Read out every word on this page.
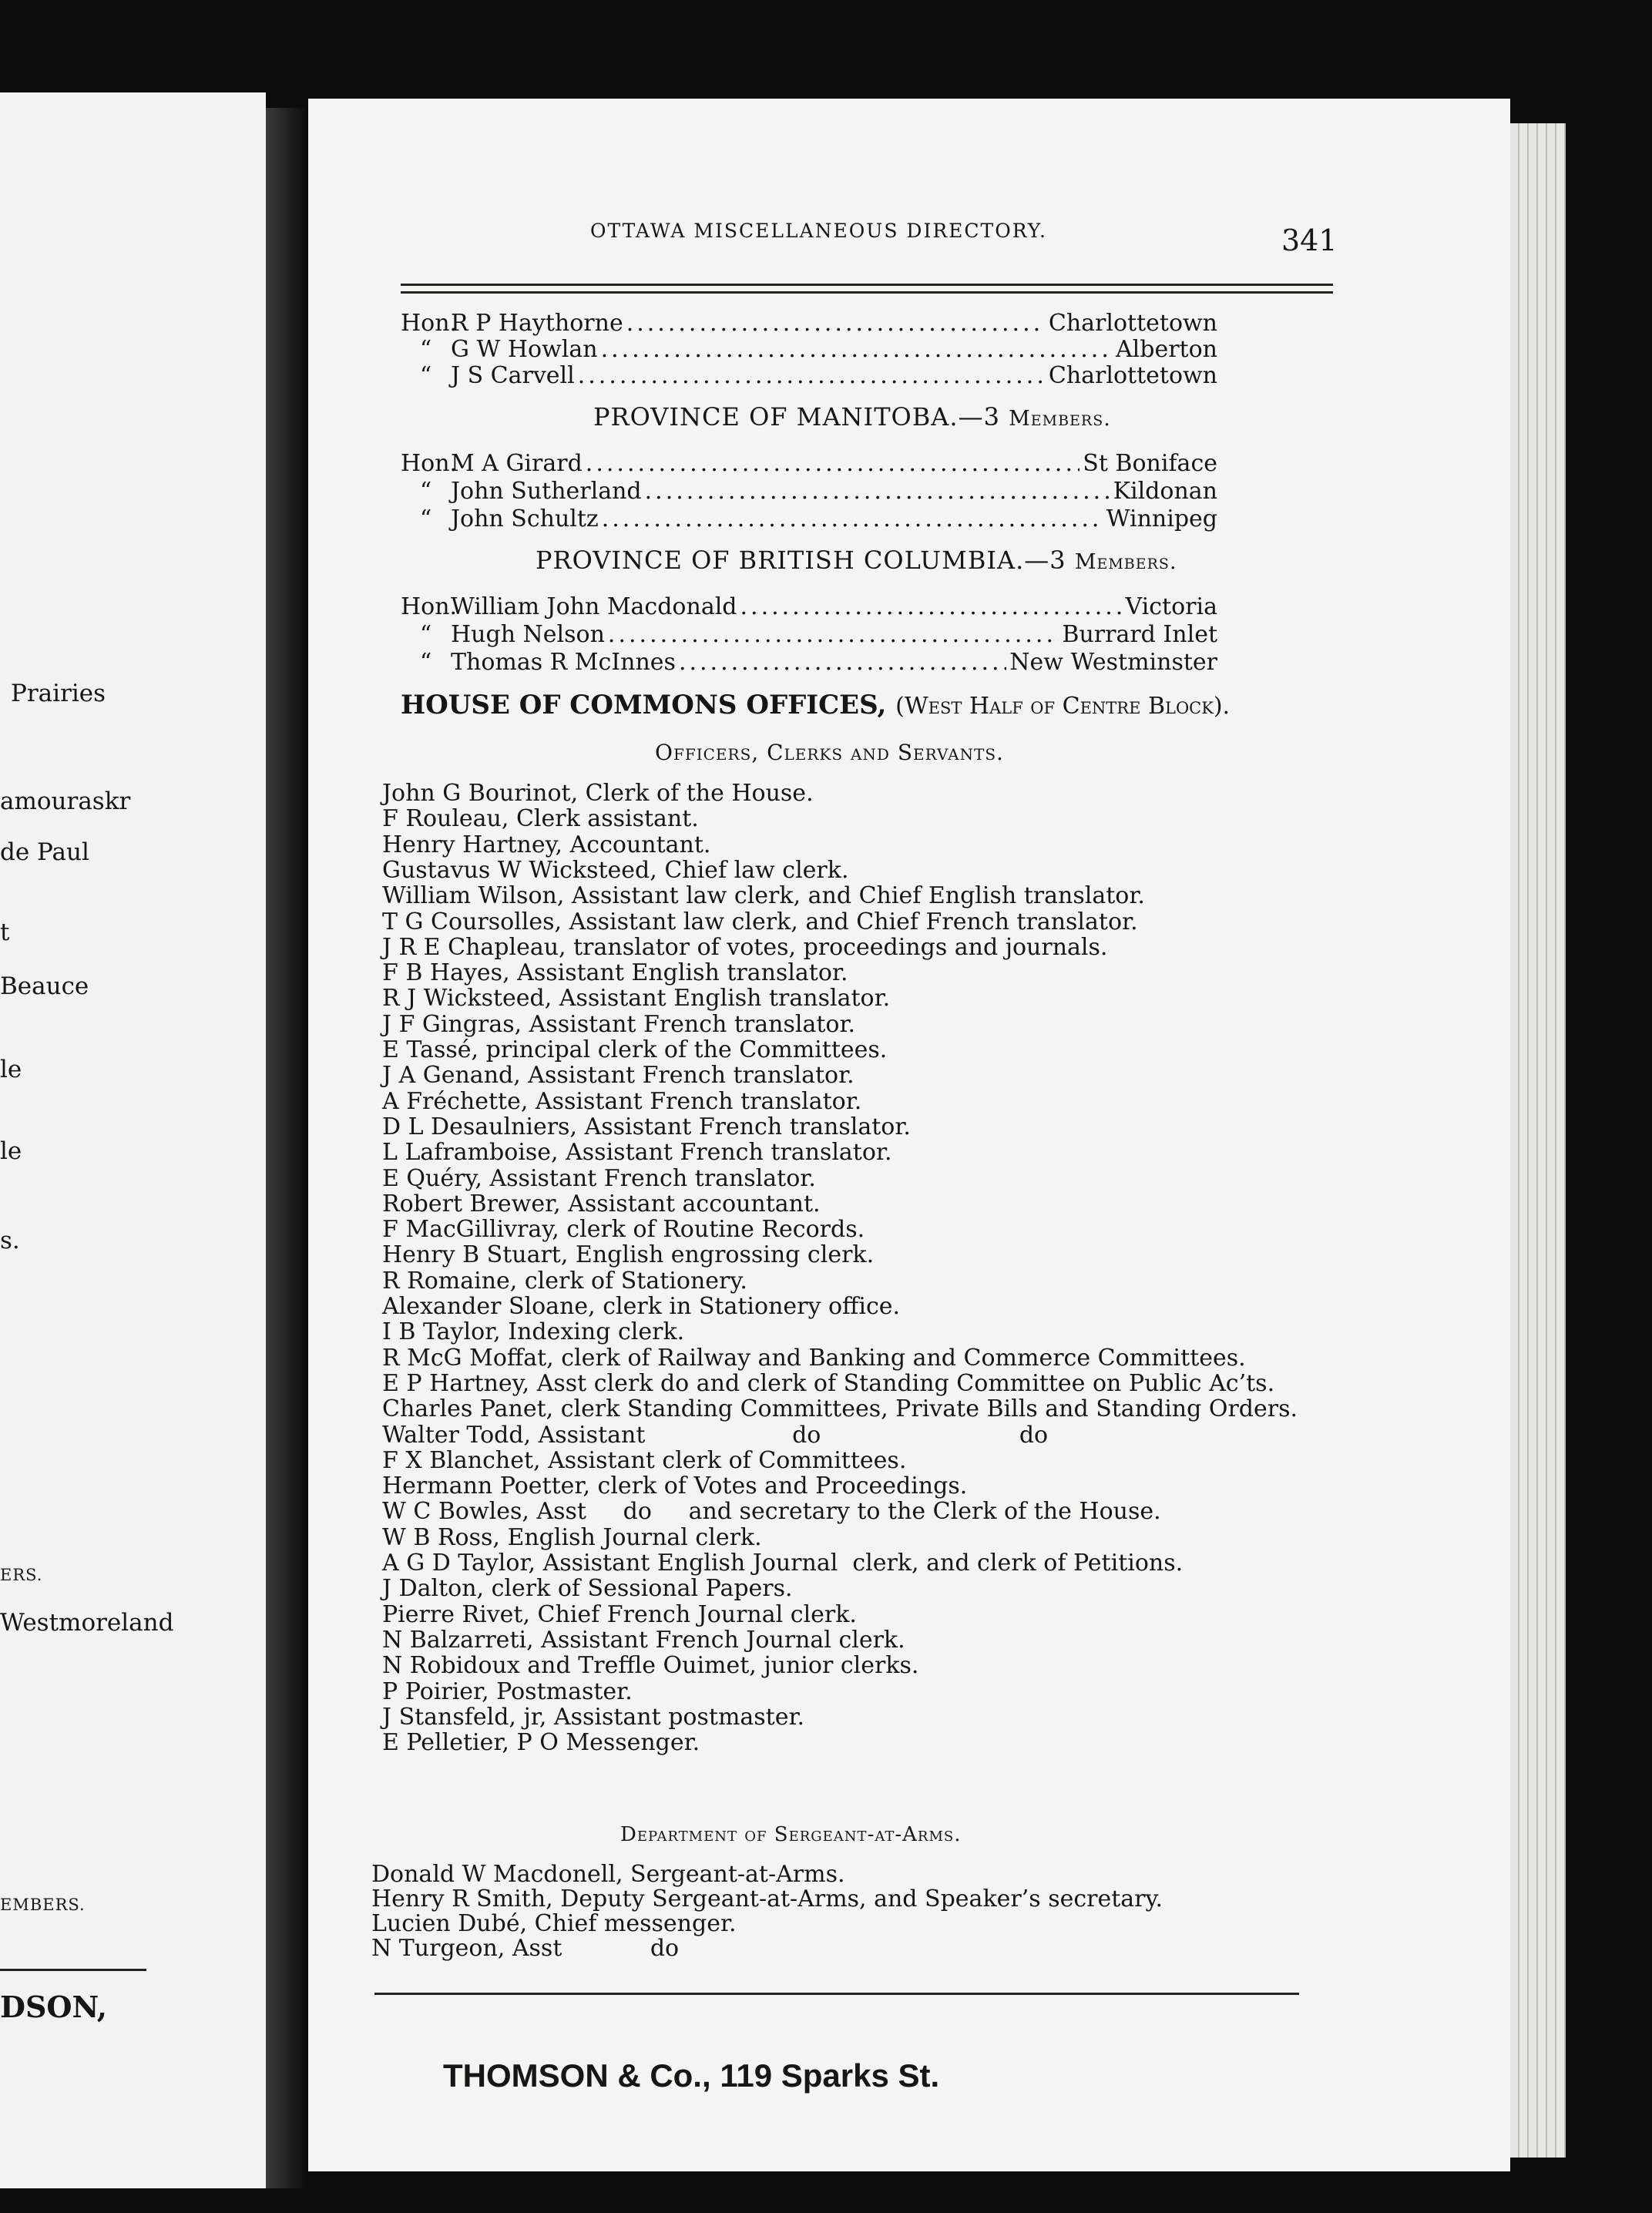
Prairies
amouraskr
de Paul
t
Beauce
le
le
s.
ERS.
Westmoreland
EMBERS.
DSON,
OTTAWA MISCELLANEOUS DIRECTORY.	341
Hon.
R P Haythorne .....	Charlottetown
“ G W Howlan .....	Alberton
“ J S Carvell .....	Charlottetown
PROVINCE OF MANITOBA.—3 Members.
Hon.
M A Girard .....	St Boniface
“ John Sutherland .....	Kildonan
“ John Schultz .....	Winnipeg
PROVINCE OF BRITISH COLUMBIA.—3 Members.
Hon.
William John Macdonald .....	Victoria
“ Hugh Nelson .....	Burrard Inlet
“ Thomas R McInnes .....	New Westminster
HOUSE OF COMMONS OFFICES, (West Half of Centre Block).
Officers, Clerks and Servants.
John G Bourinot, Clerk of the House.
F Rouleau, Clerk assistant.
Henry Hartney, Accountant.
Gustavus W Wicksteed, Chief law clerk.
William Wilson, Assistant law clerk, and Chief English translator.
T G Coursolles, Assistant law clerk, and Chief French translator.
J R E Chapleau, translator of votes, proceedings and journals.
F B Hayes, Assistant English translator.
R J Wicksteed, Assistant English translator.
J F Gingras, Assistant French translator.
E Tassé, principal clerk of the Committees.
J A Genand, Assistant French translator.
A Fréchette, Assistant French translator.
D L Desaulniers, Assistant French translator.
L Laframboise, Assistant French translator.
E Quéry, Assistant French translator.
Robert Brewer, Assistant accountant.
F MacGillivray, clerk of Routine Records.
Henry B Stuart, English engrossing clerk.
R Romaine, clerk of Stationery.
Alexander Sloane, clerk in Stationery office.
I B Taylor, Indexing clerk.
R McG Moffat, clerk of Railway and Banking and Commerce Committees.
E P Hartney, Asst clerk do and clerk of Standing Committee on Public Ac’ts.
Charles Panet, clerk Standing Committees, Private Bills and Standing Orders.
Walter Todd, Assistant                    do                           do
F X Blanchet, Assistant clerk of Committees.
Hermann Poetter, clerk of Votes and Proceedings.
W C Bowles, Asst     do     and secretary to the Clerk of the House.
W B Ross, English Journal clerk.
A G D Taylor, Assistant English Journal  clerk, and clerk of Petitions.
J Dalton, clerk of Sessional Papers.
Pierre Rivet, Chief French Journal clerk.
N Balzarreti, Assistant French Journal clerk.
N Robidoux and Treffle Ouimet, junior clerks.
P Poirier, Postmaster.
J Stansfeld, jr, Assistant postmaster.
E Pelletier, P O Messenger.
Department of Sergeant-at-Arms.
Donald W Macdonell, Sergeant-at-Arms.
Henry R Smith, Deputy Sergeant-at-Arms, and Speaker’s secretary.
Lucien Dubé, Chief messenger.
N Turgeon, Asst            do
THOMSON & Co., 119 Sparks St.
